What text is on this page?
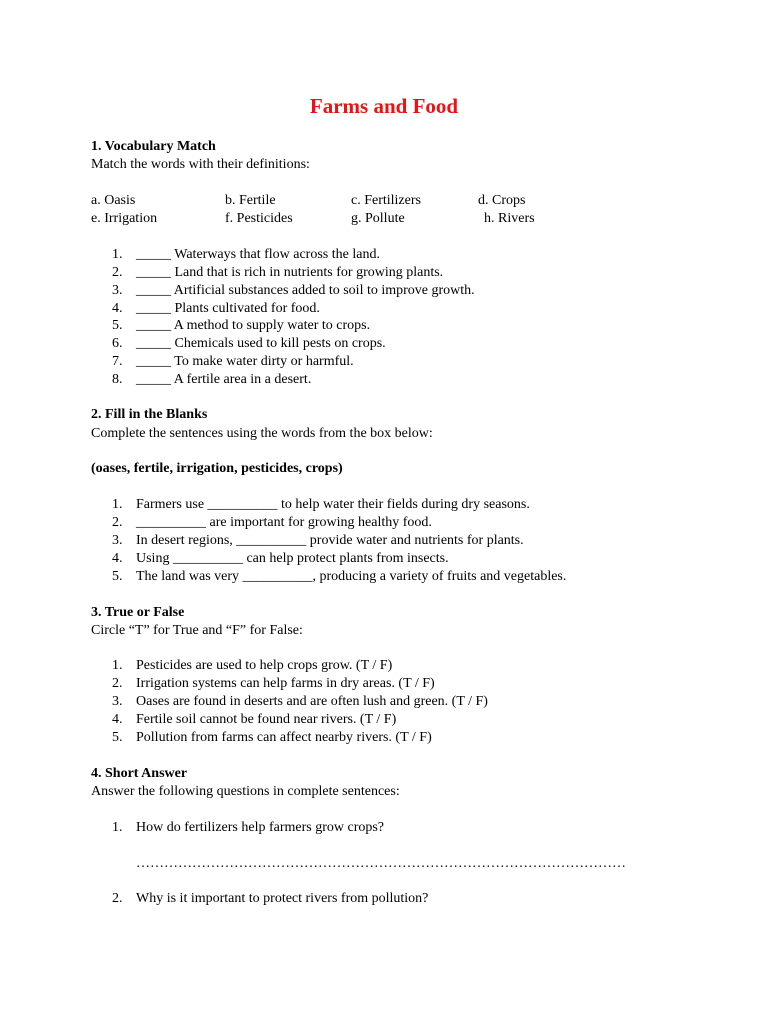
Farms and Food
1. Vocabulary Match
Match the words with their definitions:
a. Oasis	b. Fertile	c. Fertilizers	d. Crops
e. Irrigation	f. Pesticides	g. Pollute	h. Rivers
1. _____ Waterways that flow across the land.
2. _____ Land that is rich in nutrients for growing plants.
3. _____ Artificial substances added to soil to improve growth.
4. _____ Plants cultivated for food.
5. _____ A method to supply water to crops.
6. _____ Chemicals used to kill pests on crops.
7. _____ To make water dirty or harmful.
8. _____ A fertile area in a desert.
2. Fill in the Blanks
Complete the sentences using the words from the box below:
(oases, fertile, irrigation, pesticides, crops)
1. Farmers use __________ to help water their fields during dry seasons.
2. __________ are important for growing healthy food.
3. In desert regions, __________ provide water and nutrients for plants.
4. Using __________ can help protect plants from insects.
5. The land was very __________, producing a variety of fruits and vegetables.
3. True or False
Circle “T” for True and “F” for False:
1. Pesticides are used to help crops grow. (T / F)
2. Irrigation systems can help farms in dry areas. (T / F)
3. Oases are found in deserts and are often lush and green. (T / F)
4. Fertile soil cannot be found near rivers. (T / F)
5. Pollution from farms can affect nearby rivers. (T / F)
4. Short Answer
Answer the following questions in complete sentences:
1. How do fertilizers help farmers grow crops?
……………………………………………………………………………………………
2. Why is it important to protect rivers from pollution?
